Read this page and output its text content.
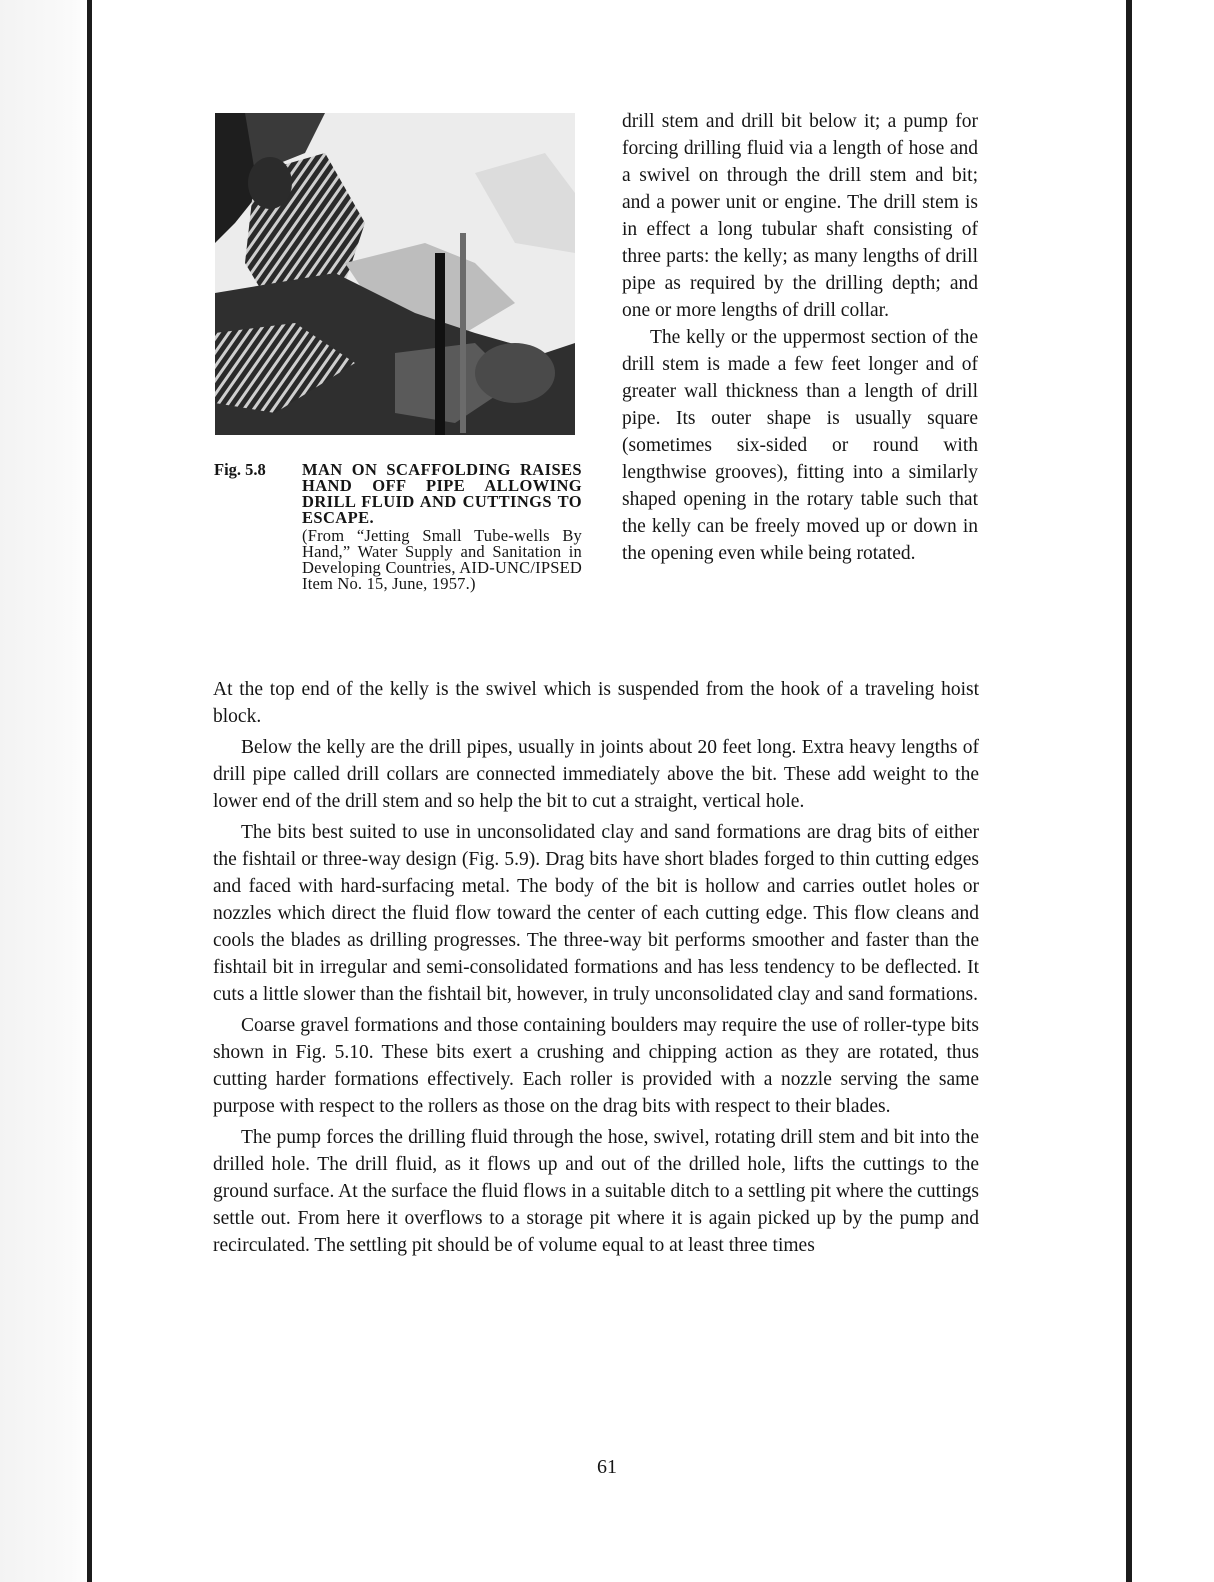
Fig. 5.8 MAN ON SCAFFOLDING RAISES HAND OFF PIPE ALLOWING DRILL FLUID AND CUTTINGS TO ESCAPE.
(From “Jetting Small Tube-wells By Hand,” Water Supply and Sanitation in Developing Countries, AID-UNC/IPSED Item No. 15, June, 1957.)

drill stem and drill bit below it; a pump for forcing drilling fluid via a length of hose and a swivel on through the drill stem and bit; and a power unit or engine. The drill stem is in effect a long tubular shaft consisting of three parts: the kelly; as many lengths of drill pipe as required by the drilling depth; and one or more lengths of drill collar.

The kelly or the uppermost section of the drill stem is made a few feet longer and of greater wall thickness than a length of drill pipe. Its outer shape is usually square (sometimes six-sided or round with lengthwise grooves), fitting into a similarly shaped opening in the rotary table such that the kelly can be freely moved up or down in the opening even while being rotated.

At the top end of the kelly is the swivel which is suspended from the hook of a traveling hoist block.

Below the kelly are the drill pipes, usually in joints about 20 feet long. Extra heavy lengths of drill pipe called drill collars are connected immediately above the bit. These add weight to the lower end of the drill stem and so help the bit to cut a straight, vertical hole.

The bits best suited to use in unconsolidated clay and sand formations are drag bits of either the fishtail or three-way design (Fig. 5.9). Drag bits have short blades forged to thin cutting edges and faced with hard-surfacing metal. The body of the bit is hollow and carries outlet holes or nozzles which direct the fluid flow toward the center of each cutting edge. This flow cleans and cools the blades as drilling progresses. The three-way bit performs smoother and faster than the fishtail bit in irregular and semi-consolidated formations and has less tendency to be deflected. It cuts a little slower than the fishtail bit, however, in truly unconsolidated clay and sand formations.

Coarse gravel formations and those containing boulders may require the use of roller-type bits shown in Fig. 5.10. These bits exert a crushing and chipping action as they are rotated, thus cutting harder formations effectively. Each roller is provided with a nozzle serving the same purpose with respect to the rollers as those on the drag bits with respect to their blades.

The pump forces the drilling fluid through the hose, swivel, rotating drill stem and bit into the drilled hole. The drill fluid, as it flows up and out of the drilled hole, lifts the cuttings to the ground surface. At the surface the fluid flows in a suitable ditch to a settling pit where the cuttings settle out. From here it overflows to a storage pit where it is again picked up by the pump and recirculated. The settling pit should be of volume equal to at least three times

61
